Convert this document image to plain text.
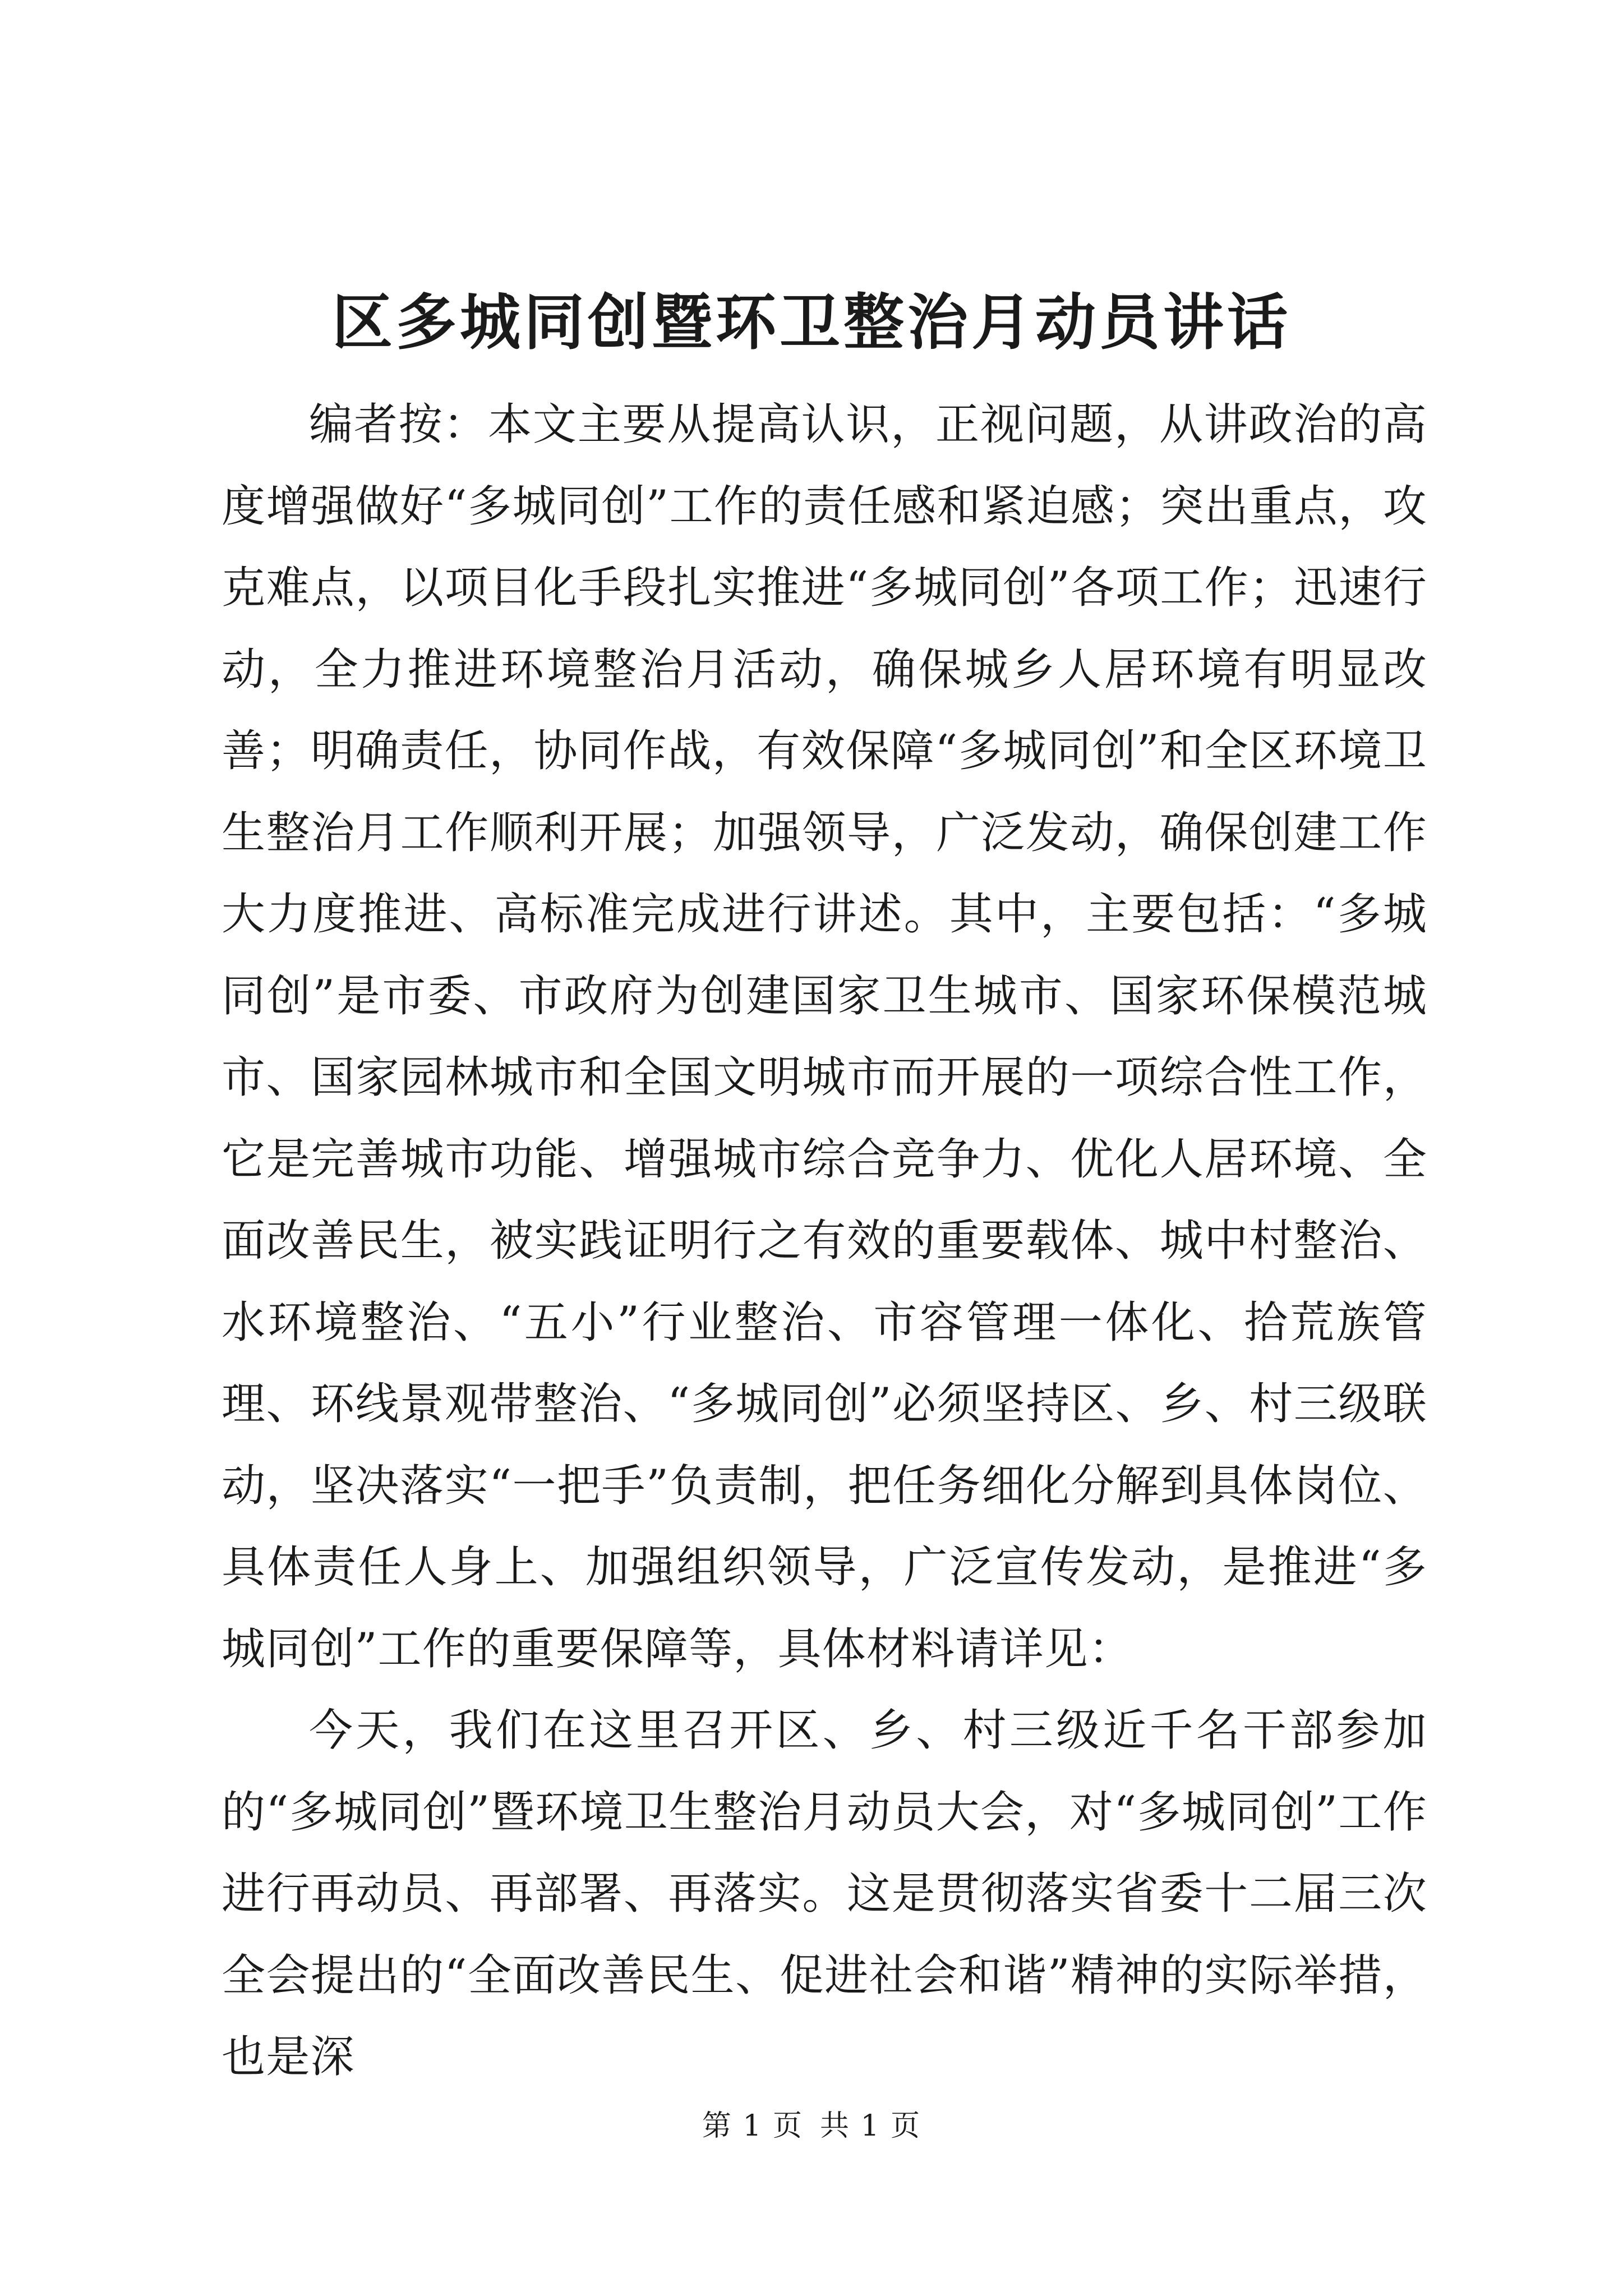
区多城同创暨环卫整治月动员讲话

编者按：本文主要从提高认识，正视问题，从讲政治的高度增强做好“多城同创”工作的责任感和紧迫感；突出重点，攻克难点，以项目化手段扎实推进“多城同创”各项工作；迅速行动，全力推进环境整治月活动，确保城乡人居环境有明显改善；明确责任，协同作战，有效保障“多城同创”和全区环境卫生整治月工作顺利开展；加强领导，广泛发动，确保创建工作大力度推进、高标准完成进行讲述。其中，主要包括：“多城同创”是市委、市政府为创建国家卫生城市、国家环保模范城市、国家园林城市和全国文明城市而开展的一项综合性工作，它是完善城市功能、增强城市综合竞争力、优化人居环境、全面改善民生，被实践证明行之有效的重要载体、城中村整治、水环境整治、“五小”行业整治、市容管理一体化、拾荒族管理、环线景观带整治、“多城同创”必须坚持区、乡、村三级联动，坚决落实“一把手”负责制，把任务细化分解到具体岗位、具体责任人身上、加强组织领导，广泛宣传发动，是推进“多城同创”工作的重要保障等，具体材料请详见：

今天，我们在这里召开区、乡、村三级近千名干部参加的“多城同创”暨环境卫生整治月动员大会，对“多城同创”工作进行再动员、再部署、再落实。这是贯彻落实省委十二届三次全会提出的“全面改善民生、促进社会和谐”精神的实际举措，也是深

第 1 页 共 1 页
